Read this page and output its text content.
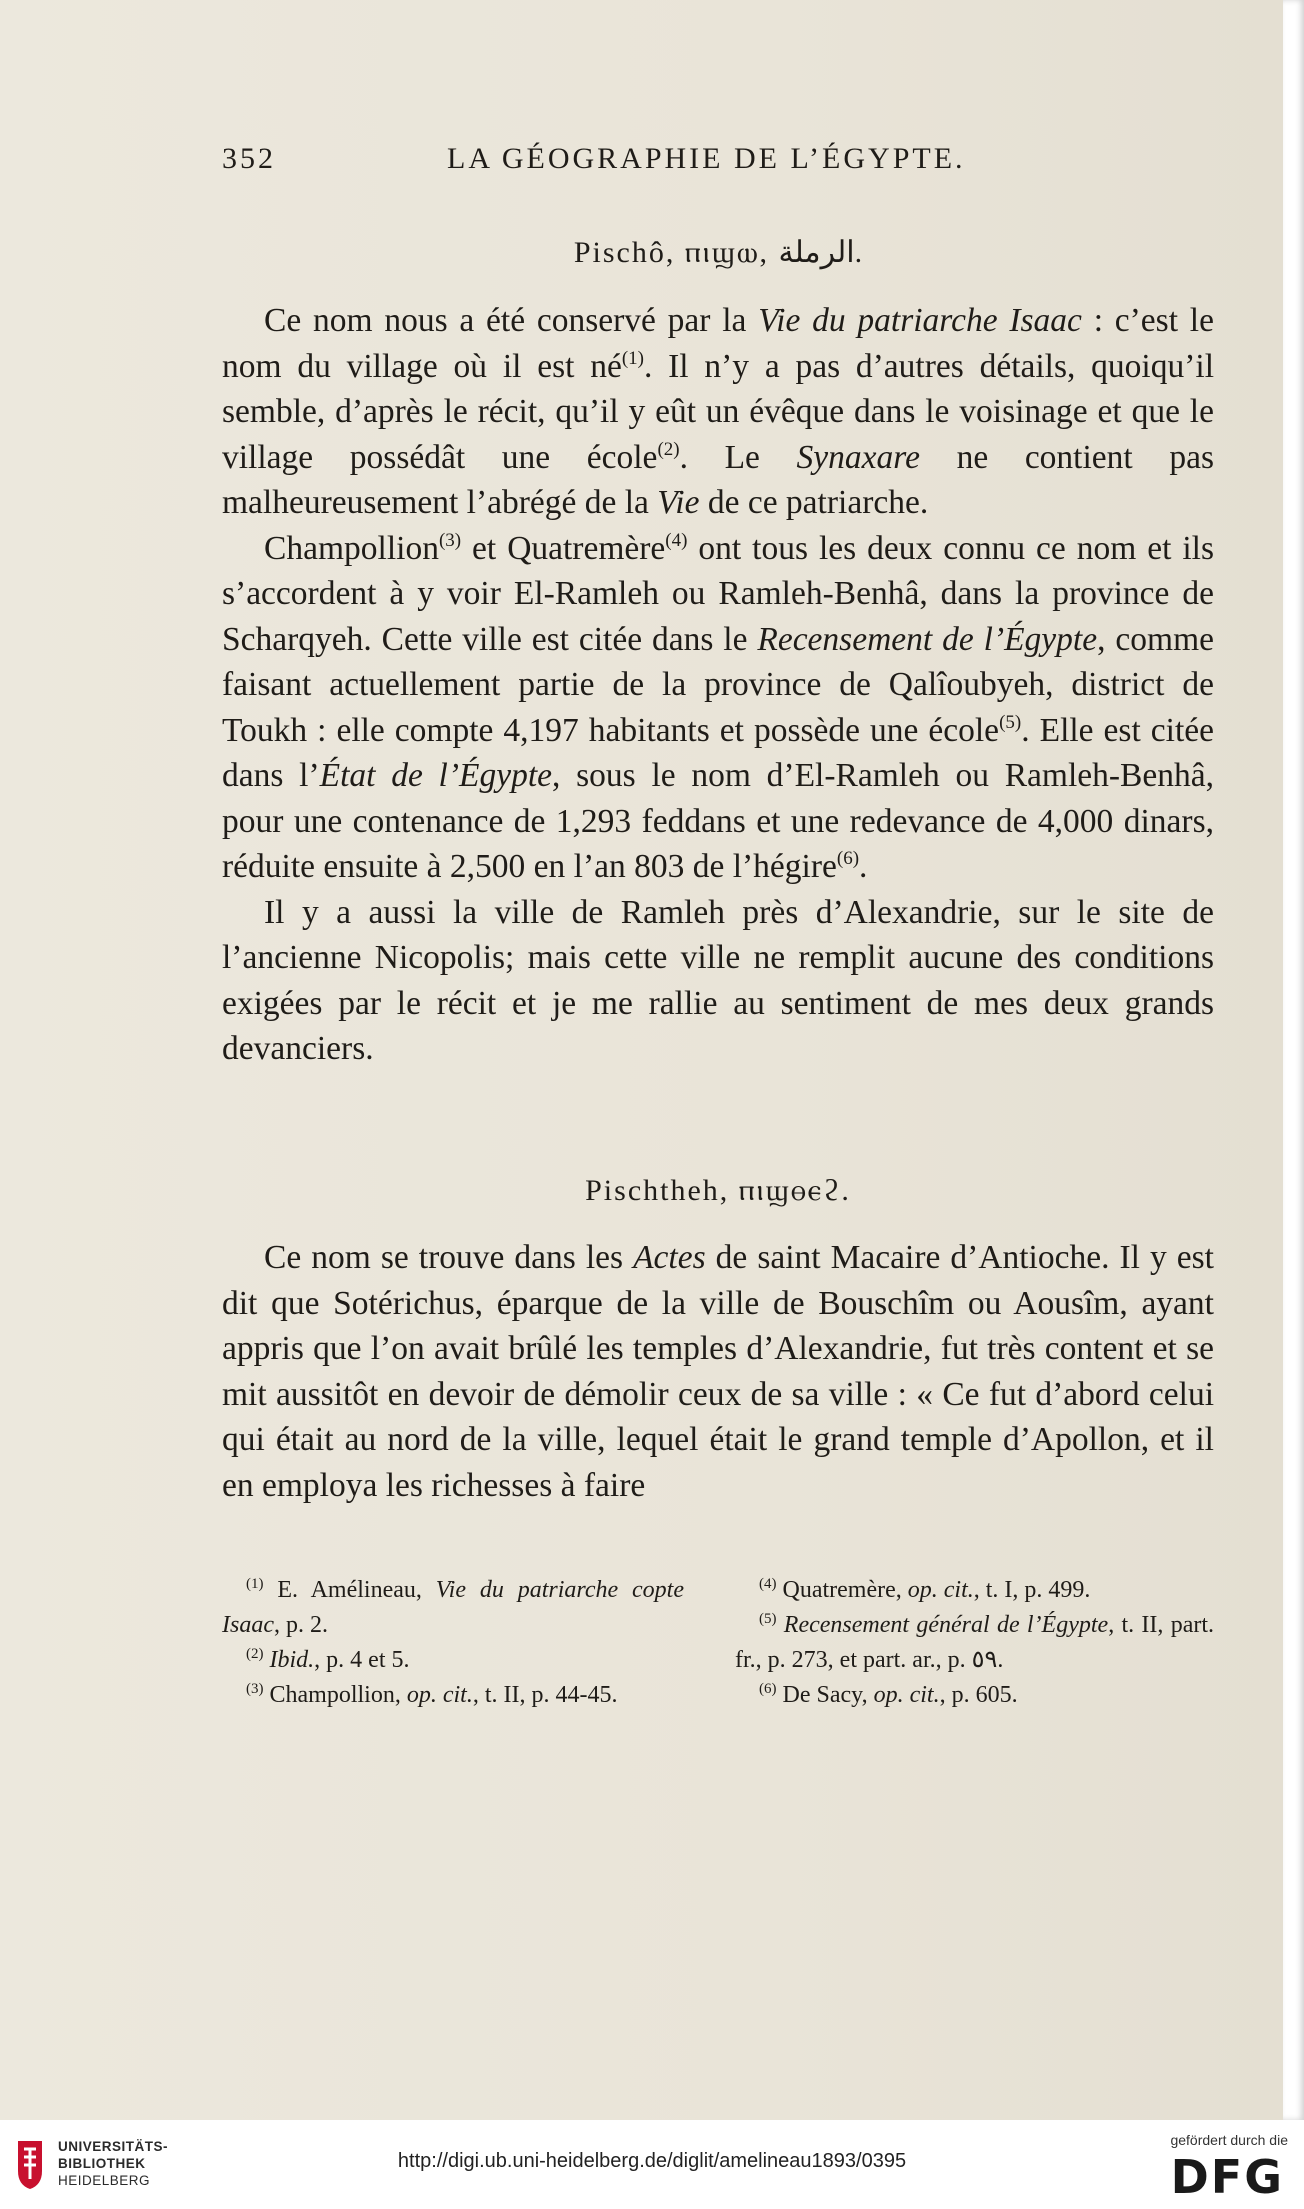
352	LA GÉOGRAPHIE DE L’ÉGYPTE.
Pischô, ⲡⲓϣⲱ, الرملة.

Ce nom nous a été conservé par la Vie du patriarche Isaac : c’est le nom du village où il est $né^{(1)}$. Il n’y a pas d’autres détails, quoiqu’il semble, d’après le récit, qu’il y eût un évêque dans le voisinage et que le village possédât une école$^{(2)}$. Le Synaxare ne contient pas malheureusement l’abrégé de la Vie de ce patriarche.

Champollion$^{(3)}$ et Quatremère$^{(4)}$ ont tous les deux connu ce nom et ils s’accordent à y voir El-Ramleh ou Ramleh-Benhâ, dans la province de Scharqyeh. Cette ville est citée dans le Recensement de l’Égypte, comme faisant actuellement partie de la province de Qalîoubyeh, district de Toukh : elle compte 4,197 habitants et possède une école$^{(5)}$. Elle est citée dans l’État de l’Égypte, sous le nom d’El-Ramleh ou Ramleh-Benhâ, pour une contenance de 1,293 feddans et une redevance de 4,000 dinars, réduite ensuite à 2,500 en l’an 803 de l’hégire$^{(6)}$.

Il y a aussi la ville de Ramleh près d’Alexandrie, sur le site de l’ancienne Nicopolis; mais cette ville ne remplit aucune des conditions exigées par le récit et je me rallie au sentiment de mes deux grands devanciers.

Pischtheh, ⲡⲓϣⲑⲉϩ.

Ce nom se trouve dans les Actes de saint Macaire d’Antioche. Il y est dit que Sotérichus, éparque de la ville de Bouschîm ou Aousîm, ayant appris que l’on avait brûlé les temples d’Alexandrie, fut très content et se mit aussitôt en devoir de démolir ceux de sa ville : « Ce fut d’abord celui qui était au nord de la ville, lequel était le grand temple d’Apollon, et il en employa les richesses à faire

$^{(1)}$ E. Amélineau, Vie du patriarche copte Isaac, p. 2.

$^{(2)}$ Ibid., p. 4 et 5.

$^{(3)}$ Champollion, op. cit., t. II, p. 44-45.

$^{(4)}$ Quatremère, op. cit., t. I, p. 499.

$^{(5)}$ Recensement général de l’Égypte, t. II, part. fr., p. 273, et part. ar., p. ٥٩.

$^{(6)}$ De Sacy, op. cit., p. 605.

UNIVERSITÄTS-
BIBLIOTHEK
HEIDELBERG
http://digi.ub.uni-heidelberg.de/diglit/amelineau1893/0395
gefördert durch die
DFG
